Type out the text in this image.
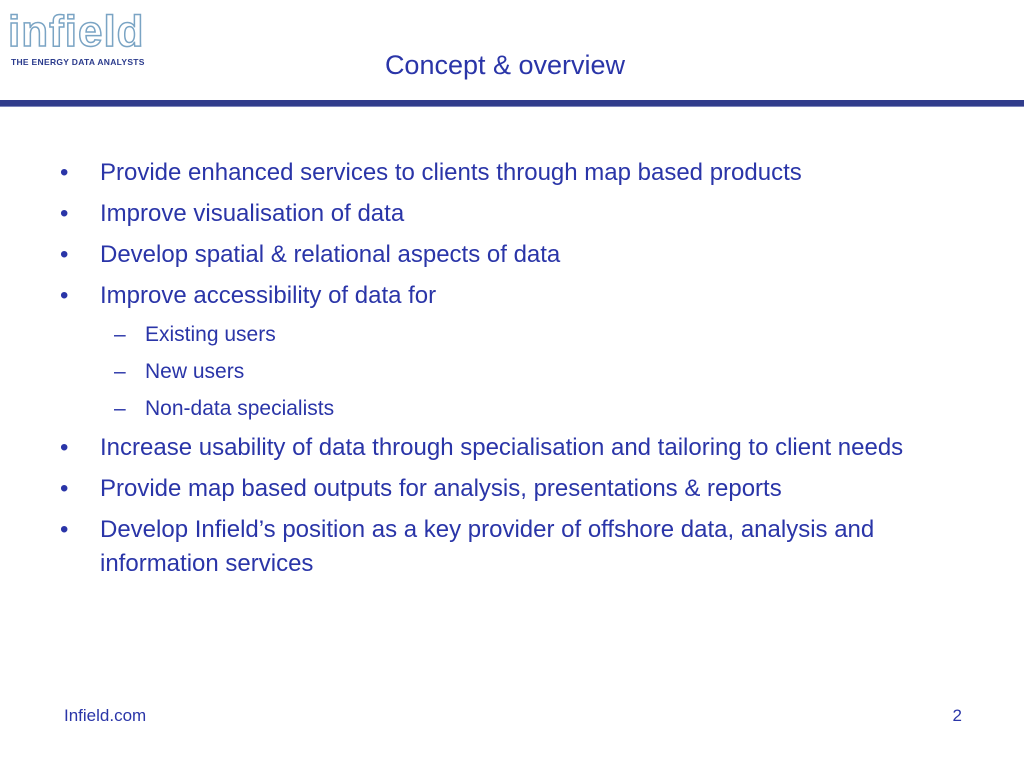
infield
THE ENERGY DATA ANALYSTS	Concept & overview
• Provide enhanced services to clients through map based products
• Improve visualisation of data
• Develop spatial & relational aspects of data
• Improve accessibility of data for
– Existing users
– New users
– Non-data specialists
• Increase usability of data through specialisation and tailoring to client needs
• Provide map based outputs for analysis, presentations & reports
• Develop Infield’s position as a key provider of offshore data, analysis and information services
Infield.com	2
